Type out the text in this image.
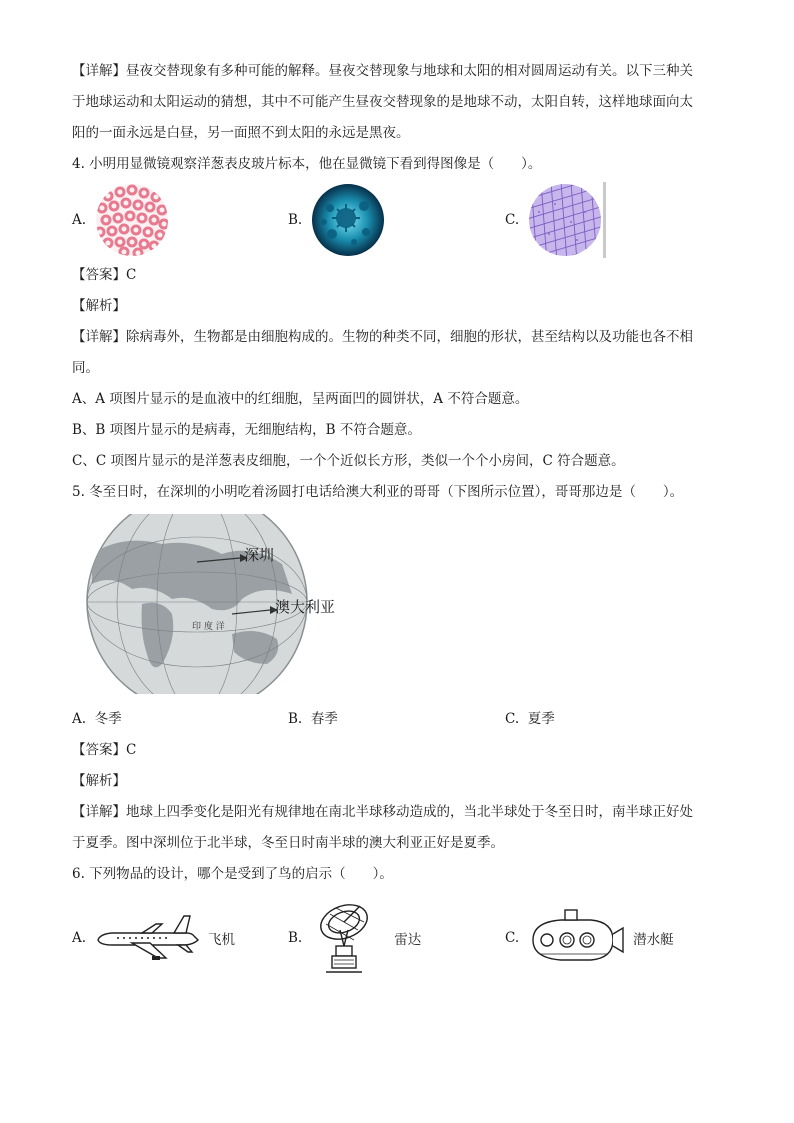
【详解】昼夜交替现象有多种可能的解释。昼夜交替现象与地球和太阳的相对圆周运动有关。以下三种关
于地球运动和太阳运动的猜想，其中不可能产生昼夜交替现象的是地球不动，太阳自转，这样地球面向太
阳的一面永远是白昼，另一面照不到太阳的永远是黑夜。
4. 小明用显微镜观察洋葱表皮玻片标本，他在显微镜下看到得图像是（　　）。
A.	B.	C.
【答案】C
【解析】
【详解】除病毒外，生物都是由细胞构成的。生物的种类不同，细胞的形状，甚至结构以及功能也各不相
同。
A、A 项图片显示的是血液中的红细胞，呈两面凹的圆饼状，A 不符合题意。
B、B 项图片显示的是病毒，无细胞结构，B 不符合题意。
C、C 项图片显示的是洋葱表皮细胞，一个个近似长方形，类似一个个小房间，C 符合题意。
5. 冬至日时，在深圳的小明吃着汤圆打电话给澳大利亚的哥哥（下图所示位置），哥哥那边是（　　）。
印 度 洋
深圳
澳大利亚
A. 冬季	B. 春季	C. 夏季
【答案】C
【解析】
【详解】地球上四季变化是阳光有规律地在南北半球移动造成的，当北半球处于冬至日时，南半球正好处
于夏季。图中深圳位于北半球，冬至日时南半球的澳大利亚正好是夏季。
6. 下列物品的设计，哪个是受到了鸟的启示（　　）。
A.	飞机	B.	雷达	C.	潜水艇
